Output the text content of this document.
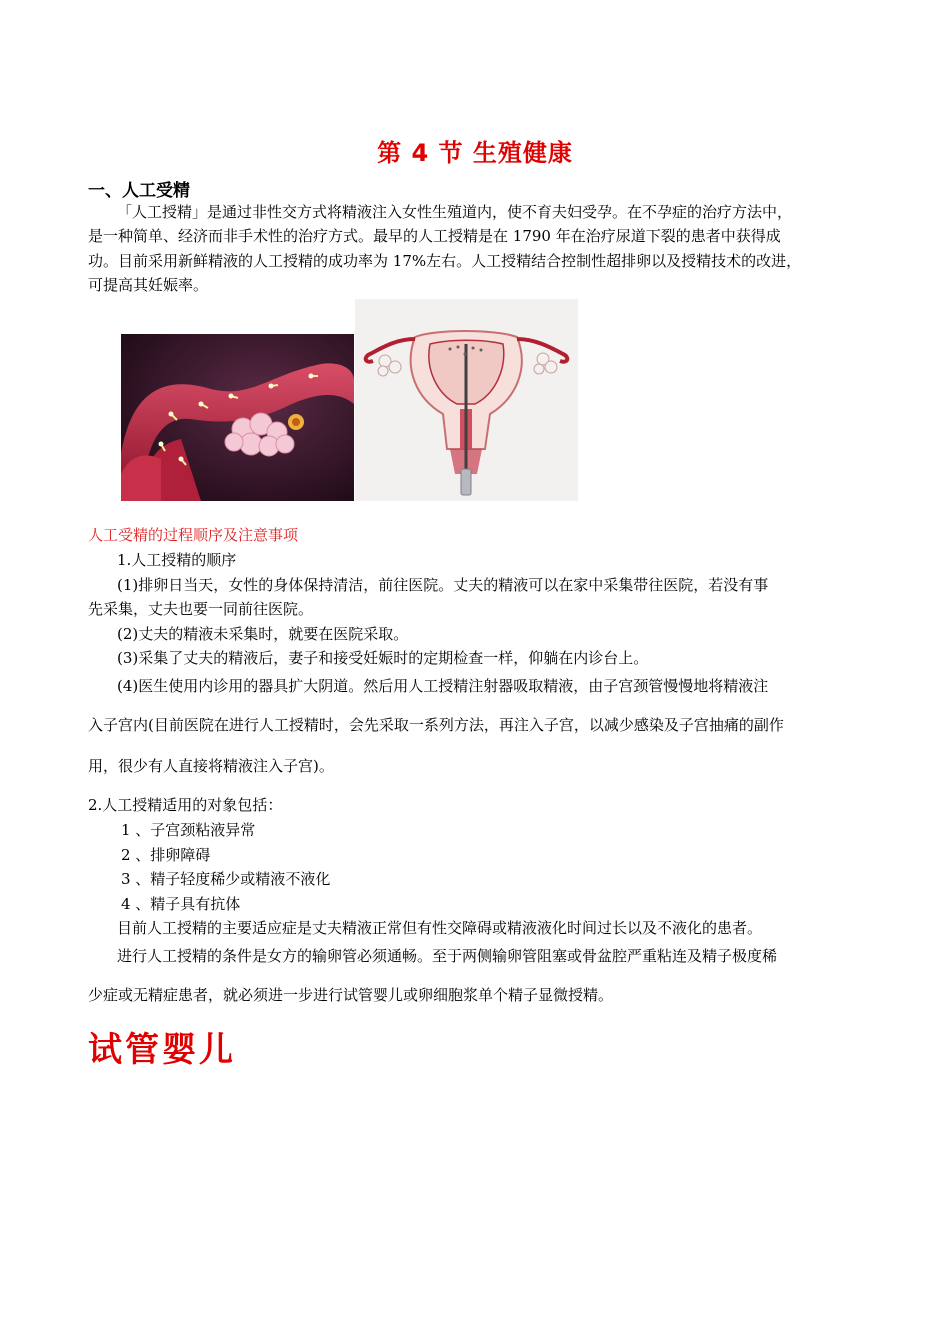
第 4 节 生殖健康
一、人工受精
「人工授精」是通过非性交方式将精液注入女性生殖道内，使不育夫妇受孕。在不孕症的治疗方法中，
是一种简单、经济而非手术性的治疗方式。最早的人工授精是在 1790 年在治疗尿道下裂的患者中获得成
功。目前采用新鲜精液的人工授精的成功率为 17%左右。人工授精结合控制性超排卵以及授精技术的改进，
可提高其妊娠率。
人工受精的过程顺序及注意事项
1.人工授精的顺序
(1)排卵日当天，女性的身体保持清洁，前往医院。丈夫的精液可以在家中采集带往医院，若没有事
先采集，丈夫也要一同前往医院。
(2)丈夫的精液未采集时，就要在医院采取。
(3)采集了丈夫的精液后，妻子和接受妊娠时的定期检查一样，仰躺在内诊台上。
(4)医生使用内诊用的器具扩大阴道。然后用人工授精注射器吸取精液，由子宫颈管慢慢地将精液注
入子宫内(目前医院在进行人工授精时，会先采取一系列方法，再注入子宫，以减少感染及子宫抽痛的副作
用，很少有人直接将精液注入子宫)。
2.人工授精适用的对象包括：
1 、子宫颈粘液异常
2 、排卵障碍
3 、精子轻度稀少或精液不液化
4 、精子具有抗体
目前人工授精的主要适应症是丈夫精液正常但有性交障碍或精液液化时间过长以及不液化的患者。
进行人工授精的条件是女方的输卵管必须通畅。至于两侧输卵管阻塞或骨盆腔严重粘连及精子极度稀
少症或无精症患者，就必须进一步进行试管婴儿或卵细胞浆单个精子显微授精。
试管婴儿
